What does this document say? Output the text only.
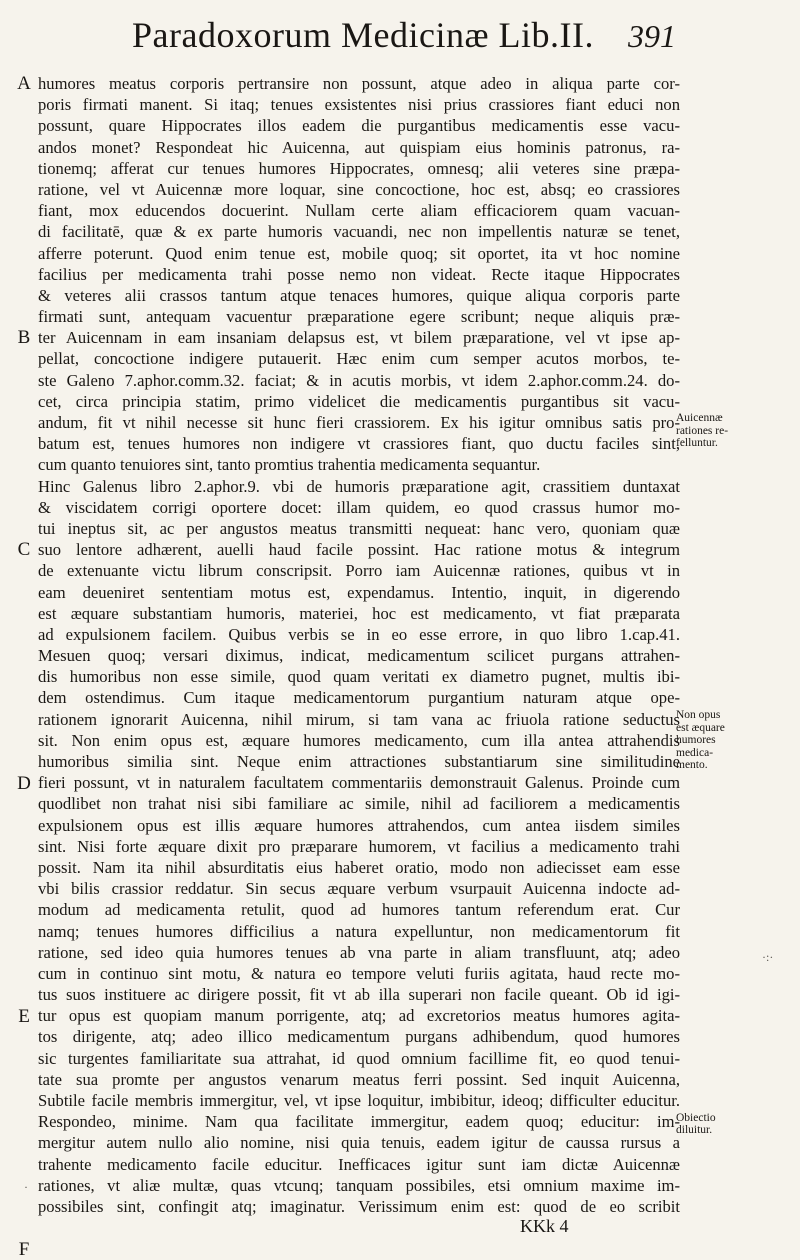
Paradoxorum Medicinæ Lib.II.	391
A
B
C
D
E
F
humores meatus corporis pertransire non possunt, atque adeo in aliqua parte cor-
poris firmati manent. Si itaq; tenues exsistentes nisi prius crassiores fiant educi non
possunt, quare Hippocrates illos eadem die purgantibus medicamentis esse vacu-
andos monet? Respondeat hic Auicenna, aut quispiam eius hominis patronus, ra-
tionemq; afferat cur tenues humores Hippocrates, omnesq; alii veteres sine præpa-
ratione, vel vt Auicennæ more loquar, sine concoctione, hoc est, absq; eo crassiores
fiant, mox educendos docuerint. Nullam certe aliam efficaciorem quam vacuan-
di facilitatē, quæ & ex parte humoris vacuandi, nec non impellentis naturæ se tenet,
afferre poterunt. Quod enim tenue est, mobile quoq; sit oportet, ita vt hoc nomine
facilius per medicamenta trahi posse nemo non videat. Recte itaque Hippocrates
& veteres alii crassos tantum atque tenaces humores, quique aliqua corporis parte
firmati sunt, antequam vacuentur præparatione egere scribunt; neque aliquis præ-
ter Auicennam in eam insaniam delapsus est, vt bilem præparatione, vel vt ipse ap-
pellat, concoctione indigere putauerit. Hæc enim cum semper acutos morbos, te-
ste Galeno 7.aphor.comm.32. faciat; & in acutis morbis, vt idem 2.aphor.comm.24. do-
cet, circa principia statim, primo videlicet die medicamentis purgantibus sit vacu-
andum, fit vt nihil necesse sit hunc fieri crassiorem. Ex his igitur omnibus satis pro-
batum est, tenues humores non indigere vt crassiores fiant, quo ductu faciles sint,
cum quanto tenuiores sint, tanto promtius trahentia medicamenta sequantur.
Hinc Galenus libro 2.aphor.9. vbi de humoris præparatione agit, crassitiem duntaxat
& viscidatem corrigi oportere docet: illam quidem, eo quod crassus humor mo-
tui ineptus sit, ac per angustos meatus transmitti nequeat: hanc vero, quoniam quæ
suo lentore adhærent, auelli haud facile possint. Hac ratione motus & integrum
de extenuante victu librum conscripsit. Porro iam Auicennæ rationes, quibus vt in
eam deueniret sententiam motus est, expendamus. Intentio, inquit, in digerendo
est æquare substantiam humoris, materiei, hoc est medicamento, vt fiat præparata
ad expulsionem facilem. Quibus verbis se in eo esse errore, in quo libro 1.cap.41.
Mesuen quoq; versari diximus, indicat, medicamentum scilicet purgans attrahen-
dis humoribus non esse simile, quod quam veritati ex diametro pugnet, multis ibi-
dem ostendimus. Cum itaque medicamentorum purgantium naturam atque ope-
rationem ignorarit Auicenna, nihil mirum, si tam vana ac friuola ratione seductus
sit. Non enim opus est, æquare humores medicamento, cum illa antea attrahendis
humoribus similia sint. Neque enim attractiones substantiarum sine similitudine
fieri possunt, vt in naturalem facultatem commentariis demonstrauit Galenus. Proinde cum
quodlibet non trahat nisi sibi familiare ac simile, nihil ad faciliorem a medicamentis
expulsionem opus est illis æquare humores attrahendos, cum antea iisdem similes
sint. Nisi forte æquare dixit pro præparare humorem, vt facilius a medicamento trahi
possit. Nam ita nihil absurditatis eius haberet oratio, modo non adiecisset eam esse
vbi bilis crassior reddatur. Sin secus æquare verbum vsurpauit Auicenna indocte ad-
modum ad medicamenta retulit, quod ad humores tantum referendum erat. Cur
namq; tenues humores difficilius a natura expelluntur, non medicamentorum fit
ratione, sed ideo quia humores tenues ab vna parte in aliam transfluunt, atq; adeo
cum in continuo sint motu, & natura eo tempore veluti furiis agitata, haud recte mo-
tus suos instituere ac dirigere possit, fit vt ab illa superari non facile queant. Ob id igi-
tur opus est quopiam manum porrigente, atq; ad excretorios meatus humores agita-
tos dirigente, atq; adeo illico medicamentum purgans adhibendum, quod humores
sic turgentes familiaritate sua attrahat, id quod omnium facillime fit, eo quod tenui-
tate sua promte per angustos venarum meatus ferri possint. Sed inquit Auicenna,
Subtile facile membris immergitur, vel, vt ipse loquitur, imbibitur, ideoq; difficulter educitur.
Respondeo, minime. Nam qua facilitate immergitur, eadem quoq; educitur: im-
mergitur autem nullo alio nomine, nisi quia tenuis, eadem igitur de caussa rursus a
trahente medicamento facile educitur. Inefficaces igitur sunt iam dictæ Auicennæ
rationes, vt aliæ multæ, quas vtcunq; tanquam possibiles, etsi omnium maxime im-
possibiles sint, confingit atq; imaginatur. Verissimum enim est: quod de eo scribit
Auicennæ
rationes re-
felluntur.
Non opus
est æquare
humores
medica-
mento.
Obiectio
diluitur.
KKk 4
·:·
·
